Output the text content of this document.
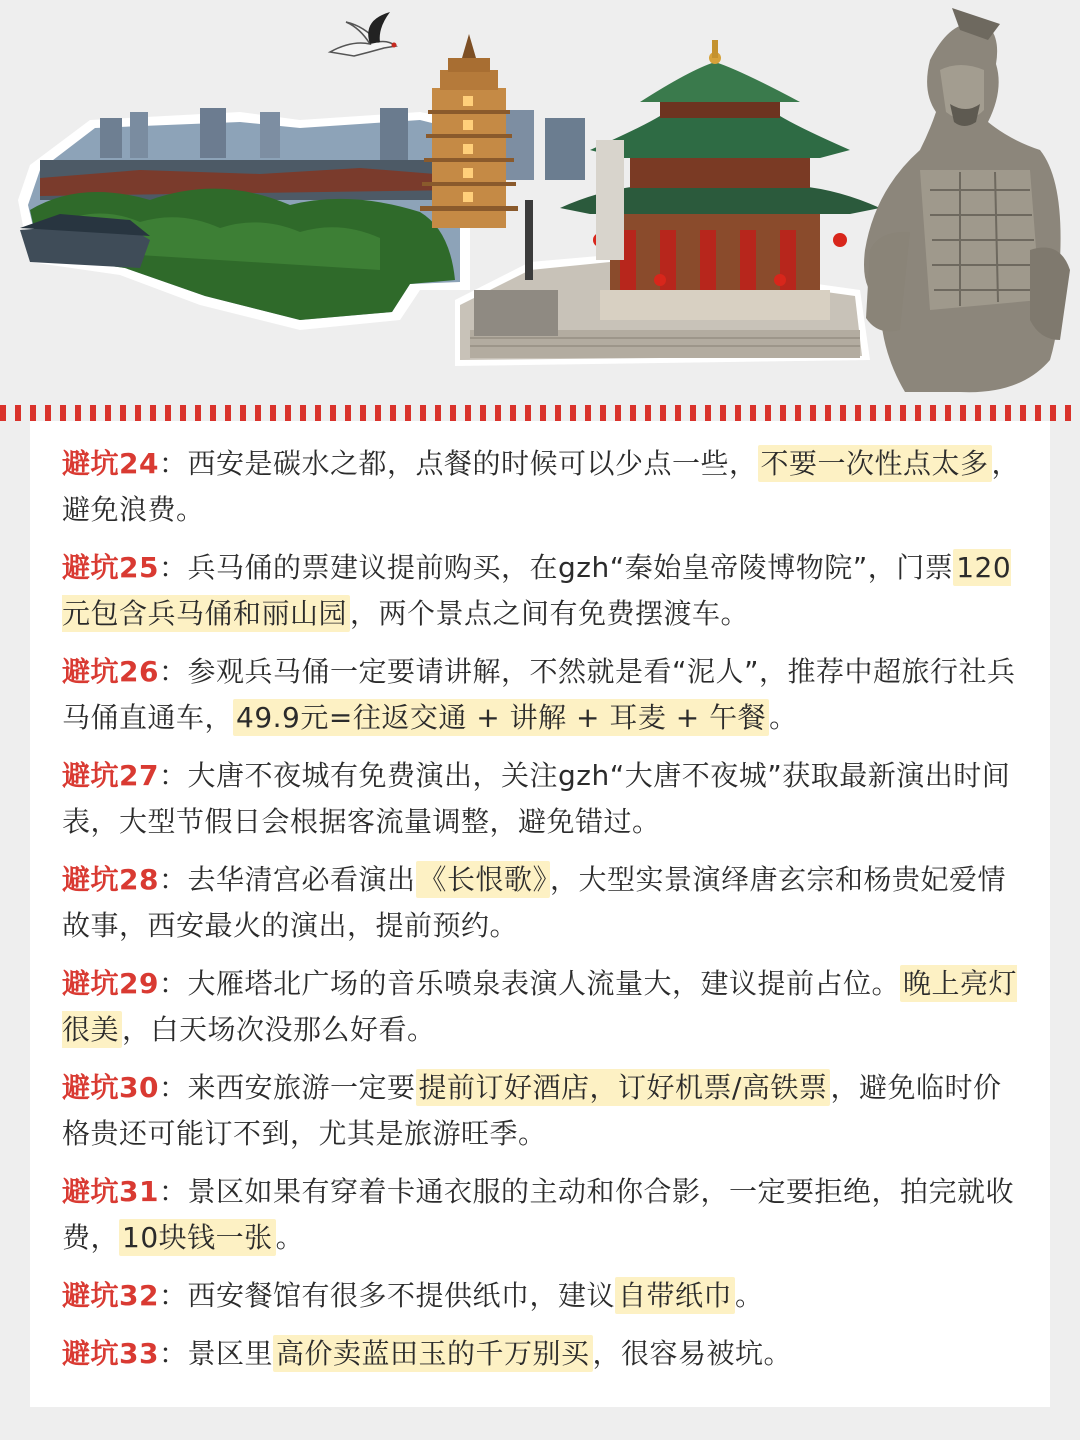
避坑24：西安是碳水之都，点餐的时候可以少点一些， 不要一次性点太多 ，避免浪费。
避坑25：兵马俑的票建议提前购买，在gzh“秦始皇帝陵博物院”，门票 120元包含兵马俑和丽山园 ，两个景点之间有免费摆渡车。
避坑26：参观兵马俑一定要请讲解，不然就是看“泥人”，推荐中超旅行社兵马俑直通车， 49.9元=往返交通 + 讲解 + 耳麦 + 午餐 。
避坑27：大唐不夜城有免费演出，关注gzh“大唐不夜城”获取最新演出时间表，大型节假日会根据客流量调整，避免错过。
避坑28：去华清宫必看演出 《长恨歌》 ，大型实景演绎唐玄宗和杨贵妃爱情故事，西安最火的演出，提前预约。
避坑29：大雁塔北广场的音乐喷泉表演人流量大，建议提前占位。 晚上亮灯很美 ，白天场次没那么好看。
避坑30：来西安旅游一定要 提前订好酒店，订好机票/高铁票 ，避免临时价格贵还可能订不到，尤其是旅游旺季。
避坑31：景区如果有穿着卡通衣服的主动和你合影，一定要拒绝，拍完就收费， 10块钱一张 。
避坑32：西安餐馆有很多不提供纸巾，建议 自带纸巾 。
避坑33：景区里 高价卖蓝田玉的千万别买 ，很容易被坑。
